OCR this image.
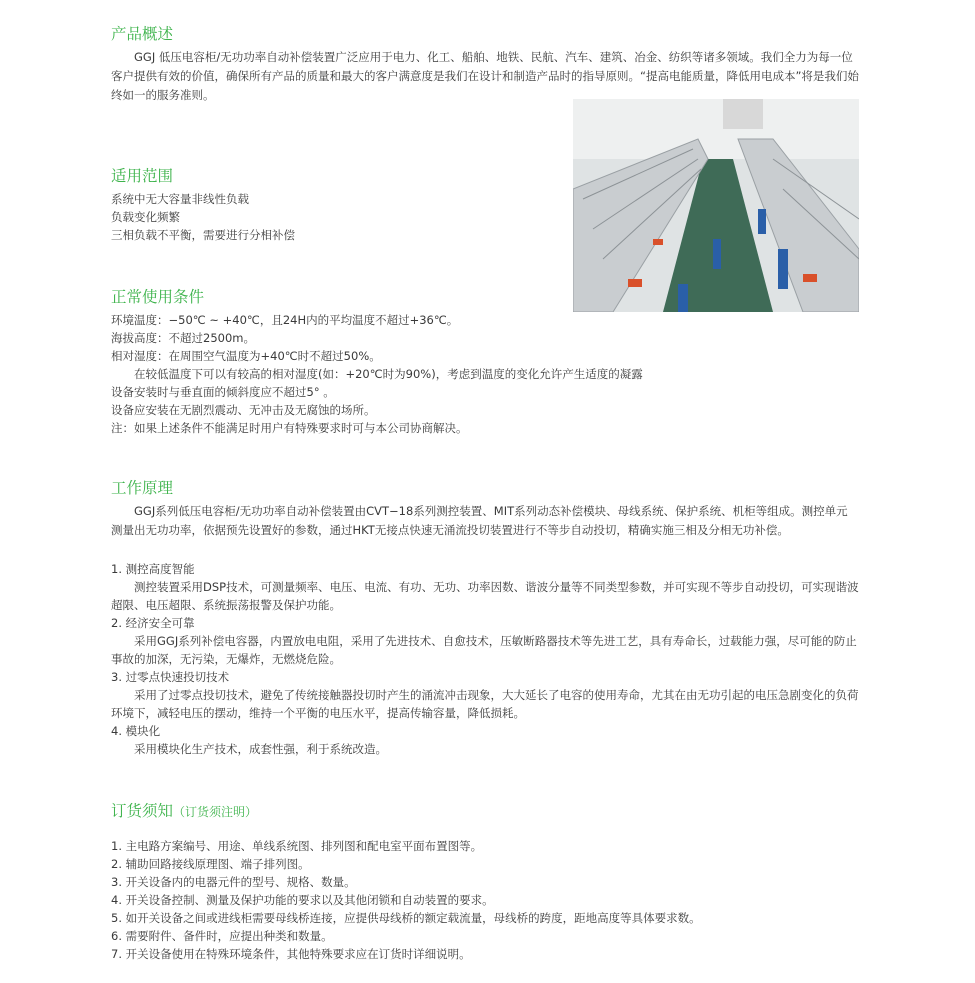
产品概述

GGJ 低压电容柜/无功功率自动补偿装置广泛应用于电力、化工、船舶、地铁、民航、汽车、建筑、冶金、纺织等诸多领域。我们全力为每一位客户提供有效的价值，确保所有产品的质量和最大的客户满意度是我们在设计和制造产品时的指导原则。“提高电能质量，降低用电成本”将是我们始终如一的服务准则。

适用范围

系统中无大容量非线性负载

负载变化频繁

三相负载不平衡，需要进行分相补偿

正常使用条件

环境温度：−50℃ ~ +40℃，且24H内的平均温度不超过+36℃。

海拔高度：不超过2500m。

相对湿度：在周围空气温度为+40℃时不超过50%。

在较低温度下可以有较高的相对湿度(如：+20℃时为90%)，考虑到温度的变化允许产生适度的凝露

设备安装时与垂直面的倾斜度应不超过5° 。

设备应安装在无剧烈震动、无冲击及无腐蚀的场所。

注：如果上述条件不能满足时用户有特殊要求时可与本公司协商解决。

工作原理

GGJ系列低压电容柜/无功功率自动补偿装置由CVT−18系列测控装置、MIT系列动态补偿模块、母线系统、保护系统、机柜等组成。测控单元测量出无功功率，依据预先设置好的参数，通过HKT无接点快速无涌流投切装置进行不等步自动投切，精确实施三相及分相无功补偿。

1. 测控高度智能

测控装置采用DSP技术，可测量频率、电压、电流、有功、无功、功率因数、谐波分量等不同类型参数，并可实现不等步自动投切，可实现谐波超限、电压超限、系统振荡报警及保护功能。

2. 经济安全可靠

采用GGJ系列补偿电容器，内置放电电阻，采用了先进技术、自愈技术，压敏断路器技术等先进工艺，具有寿命长，过载能力强，尽可能的防止事故的加深，无污染，无爆炸，无燃烧危险。

3. 过零点快速投切技术

采用了过零点投切技术，避免了传统接触器投切时产生的涌流冲击现象，大大延长了电容的使用寿命，尤其在由无功引起的电压急剧变化的负荷环境下，减轻电压的摆动，维持一个平衡的电压水平，提高传输容量，降低损耗。

4. 模块化

采用模块化生产技术，成套性强，利于系统改造。

订货须知（订货须注明）

1. 主电路方案编号、用途、单线系统图、排列图和配电室平面布置图等。

2. 辅助回路接线原理图、端子排列图。

3. 开关设备内的电器元件的型号、规格、数量。

4. 开关设备控制、测量及保护功能的要求以及其他闭锁和自动装置的要求。

5. 如开关设备之间或进线柜需要母线桥连接，应提供母线桥的额定载流量，母线桥的跨度，距地高度等具体要求数。

6. 需要附件、备件时，应提出种类和数量。

7. 开关设备使用在特殊环境条件，其他特殊要求应在订货时详细说明。
